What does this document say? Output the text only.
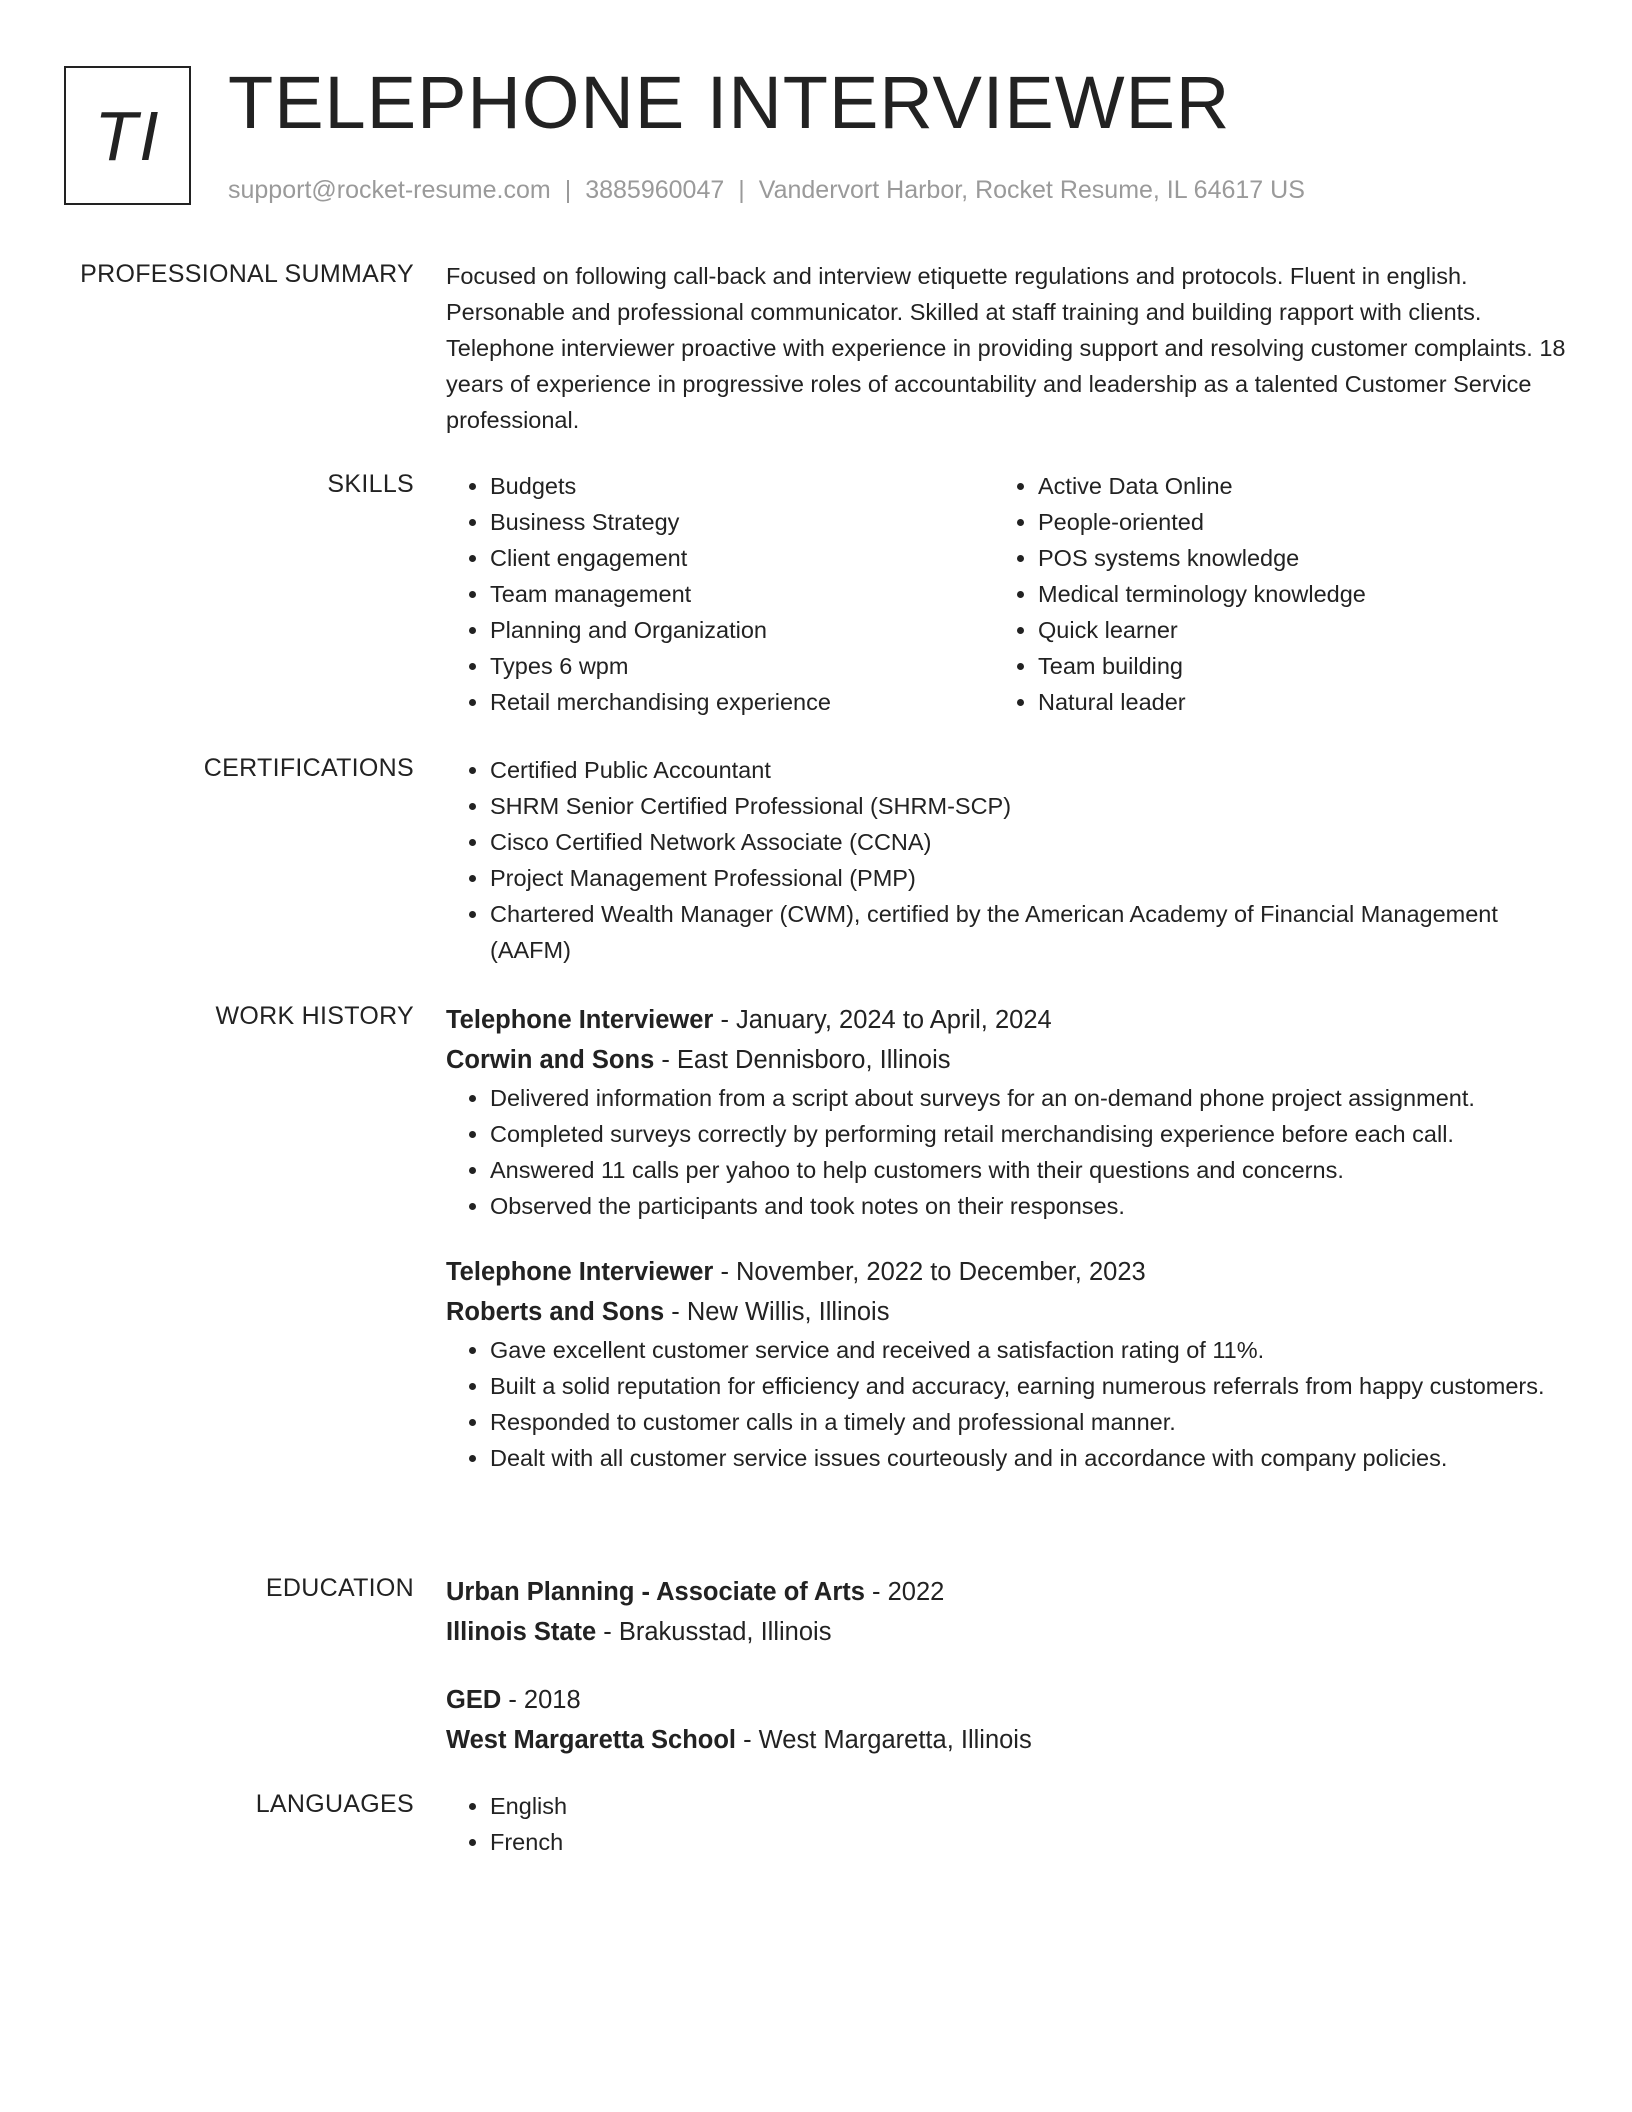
TI TELEPHONE INTERVIEWER
support@rocket-resume.com | 3885960047 | Vandervort Harbor, Rocket Resume, IL 64617 US
PROFESSIONAL SUMMARY Focused on following call-back and interview etiquette regulations and protocols. Fluent in english. Personable and professional communicator. Skilled at staff training and building rapport with clients. Telephone interviewer proactive with experience in providing support and resolving customer complaints. 18 years of experience in progressive roles of accountability and leadership as a talented Customer Service professional.

SKILLS	• Budgets
• Business Strategy
• Client engagement
• Team management
• Planning and Organization
• Types 6 wpm
• Retail merchandising experience
• Active Data Online
• People-oriented
• POS systems knowledge
• Medical terminology knowledge
• Quick learner
• Team building
• Natural leader
CERTIFICATIONS	• Certified Public Accountant
• SHRM Senior Certified Professional (SHRM-SCP)
• Cisco Certified Network Associate (CCNA)
• Project Management Professional (PMP)
• Chartered Wealth Manager (CWM), certified by the American Academy of Financial Management (AAFM)
WORK HISTORY Telephone Interviewer - January, 2024 to April, 2024
Corwin and Sons - East Dennisboro, Illinois
• Delivered information from a script about surveys for an on-demand phone project assignment.
• Completed surveys correctly by performing retail merchandising experience before each call.
• Answered 11 calls per yahoo to help customers with their questions and concerns.
• Observed the participants and took notes on their responses.
Telephone Interviewer - November, 2022 to December, 2023
Roberts and Sons - New Willis, Illinois
• Gave excellent customer service and received a satisfaction rating of 11%.
• Built a solid reputation for efficiency and accuracy, earning numerous referrals from happy customers.
• Responded to customer calls in a timely and professional manner.
• Dealt with all customer service issues courteously and in accordance with company policies.
EDUCATION Urban Planning - Associate of Arts - 2022
Illinois State - Brakusstad, Illinois
GED - 2018
West Margaretta School - West Margaretta, Illinois
LANGUAGES	• English
• French
